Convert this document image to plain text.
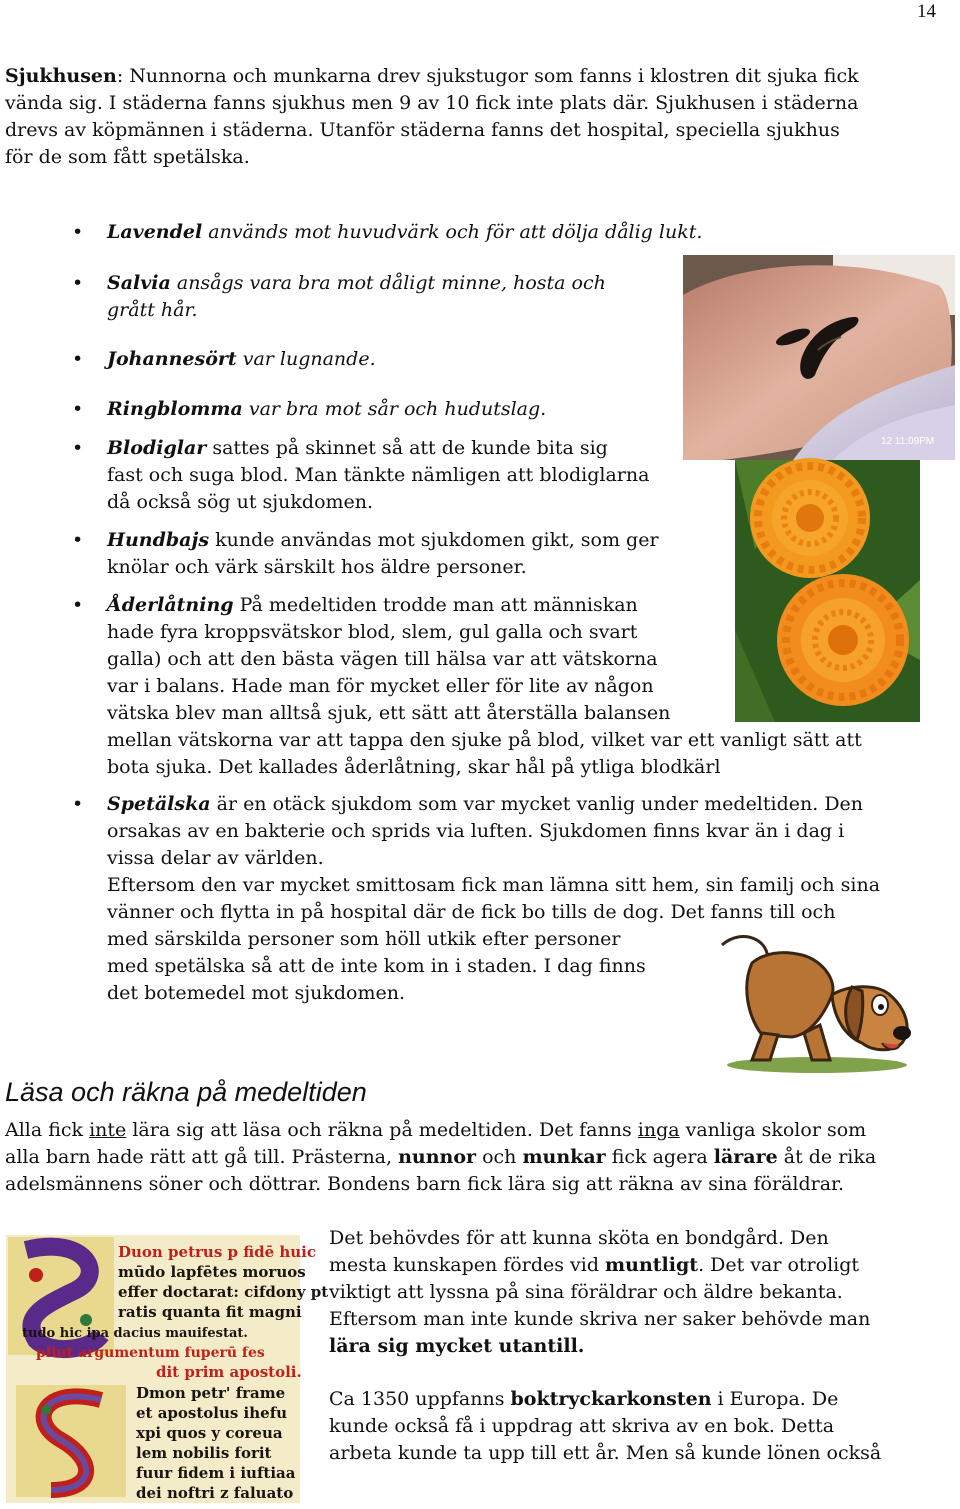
14

Sjukhusen: Nunnorna och munkarna drev sjukstugor som fanns i klostren dit sjuka fick
vända sig. I städerna fanns sjukhus men 9 av 10 fick inte plats där. Sjukhusen i städerna
drevs av köpmännen i städerna. Utanför städerna fanns det hospital, speciella sjukhus
för de som fått spetälska.

• Lavendel används mot huvudvärk och för att dölja dålig lukt.

• Salvia ansågs vara bra mot dåligt minne, hosta och
grått hår.

• Johannesört var lugnande.

• Ringblomma var bra mot sår och hudutslag.

• Blodiglar sattes på skinnet så att de kunde bita sig
fast och suga blod. Man tänkte nämligen att blodiglarna
då också sög ut sjukdomen.

• Hundbajs kunde användas mot sjukdomen gikt, som ger
knölar och värk särskilt hos äldre personer.

• Åderlåtning På medeltiden trodde man att människan
hade fyra kroppsvätskor blod, slem, gul galla och svart
galla) och att den bästa vägen till hälsa var att vätskorna
var i balans. Hade man för mycket eller för lite av någon
vätska blev man alltså sjuk, ett sätt att återställa balansen
mellan vätskorna var att tappa den sjuke på blod, vilket var ett vanligt sätt att
bota sjuka. Det kallades åderlåtning, skar hål på ytliga blodkärl

• Spetälska är en otäck sjukdom som var mycket vanlig under medeltiden. Den
orsakas av en bakterie och sprids via luften. Sjukdomen finns kvar än i dag i
vissa delar av världen.
Eftersom den var mycket smittosam fick man lämna sitt hem, sin familj och sina
vänner och flytta in på hospital där de fick bo tills de dog. Det fanns till och
med särskilda personer som höll utkik efter personer
med spetälska så att de inte kom in i staden. I dag finns
det botemedel mot sjukdomen.

12 11:09PM
Läsa och räkna på medeltiden

Alla fick inte lära sig att läsa och räkna på medeltiden. Det fanns inga vanliga skolor som
alla barn hade rätt att gå till. Prästerna, nunnor och munkar fick agera lärare åt de rika
adelsmännens söner och döttrar. Bondens barn fick lära sig att räkna av sina föräldrar.

Duon petrus p fidē huic
mūdo lapfētes moruos
effer doctarat: cifdony pt
ratis quanta fit magni
tudo hic ipa dacius mauifestat.
pliut argumentum fuperū fes
dit prim apostoli.
Dmon petr' frame
et apostolus ihefu
xpi quos y coreua
lem nobilis forit
fuur fidem i iuftiaa
dei noftri z faluato

Det behövdes för att kunna sköta en bondgård. Den
mesta kunskapen fördes vid muntligt. Det var otroligt
viktigt att lyssna på sina föräldrar och äldre bekanta.
Eftersom man inte kunde skriva ner saker behövde man
lära sig mycket utantill.

Ca 1350 uppfanns boktryckarkonsten i Europa. De
kunde också få i uppdrag att skriva av en bok. Detta
arbeta kunde ta upp till ett år. Men så kunde lönen också
